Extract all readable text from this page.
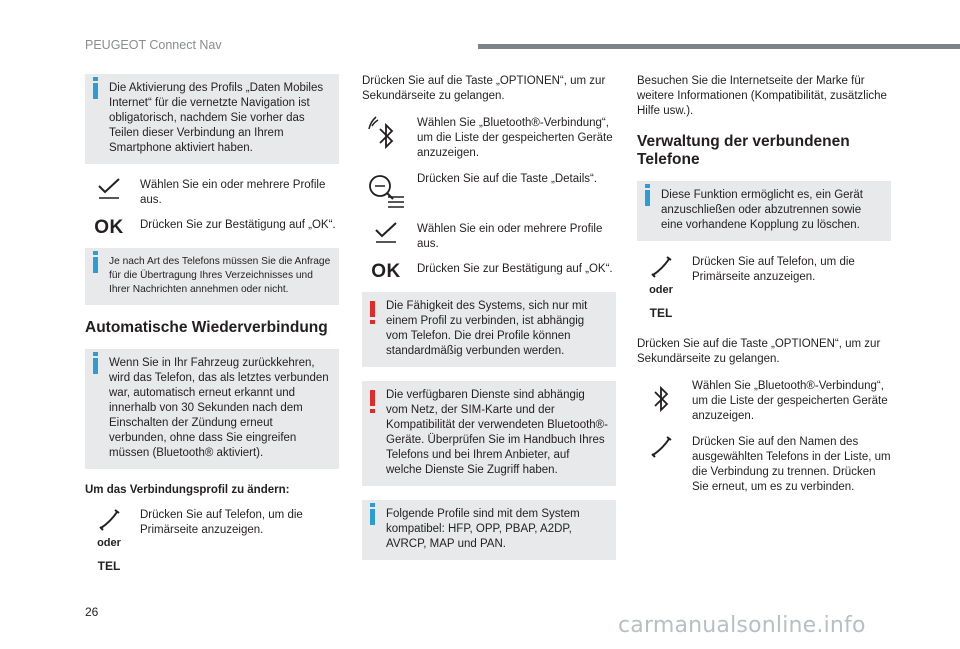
PEUGEOT Connect Nav

Die Aktivierung des Profils „Daten Mobiles Internet“ für die vernetzte Navigation ist obligatorisch, nachdem Sie vorher das Teilen dieser Verbindung an Ihrem Smartphone aktiviert haben.

Wählen Sie ein oder mehrere Profile aus.
OK	Drücken Sie zur Bestätigung auf „OK“.

Je nach Art des Telefons müssen Sie die Anfrage für die Übertragung Ihres Verzeichnisses und Ihrer Nachrichten annehmen oder nicht.

Automatische Wiederverbindung

Wenn Sie in Ihr Fahrzeug zurückkehren, wird das Telefon, das als letztes verbunden war, automatisch erneut erkannt und innerhalb von 30 Sekunden nach dem Einschalten der Zündung erneut verbunden, ohne dass Sie eingreifen müssen (Bluetooth® aktiviert).

Um das Verbindungsprofil zu ändern:

oder
TEL
Drücken Sie auf Telefon, um die Primärseite anzuzeigen.

Drücken Sie auf die Taste „OPTIONEN“, um zur Sekundärseite zu gelangen.

Wählen Sie „Bluetooth®-Verbindung“, um die Liste der gespeicherten Geräte anzuzeigen.
Drücken Sie auf die Taste „Details“.
Wählen Sie ein oder mehrere Profile aus.
OK	Drücken Sie zur Bestätigung auf „OK“.

Die Fähigkeit des Systems, sich nur mit einem Profil zu verbinden, ist abhängig vom Telefon. Die drei Profile können standardmäßig verbunden werden.

Die verfügbaren Dienste sind abhängig vom Netz, der SIM-Karte und der Kompatibilität der verwendeten Bluetooth®-Geräte. Überprüfen Sie im Handbuch Ihres Telefons und bei Ihrem Anbieter, auf welche Dienste Sie Zugriff haben.

Folgende Profile sind mit dem System kompatibel: HFP, OPP, PBAP, A2DP, AVRCP, MAP und PAN.

Besuchen Sie die Internetseite der Marke für weitere Informationen (Kompatibilität, zusätzliche Hilfe usw.).

Verwaltung der verbundenen Telefone

Diese Funktion ermöglicht es, ein Gerät anzuschließen oder abzutrennen sowie eine vorhandene Kopplung zu löschen.

oder
TEL
Drücken Sie auf Telefon, um die Primärseite anzuzeigen.

Drücken Sie auf die Taste „OPTIONEN“, um zur Sekundärseite zu gelangen.

Wählen Sie „Bluetooth®-Verbindung“, um die Liste der gespeicherten Geräte anzuzeigen.
Drücken Sie auf den Namen des ausgewählten Telefons in der Liste, um die Verbindung zu trennen. Drücken Sie erneut, um es zu verbinden.
26
carmanualsonline.info
